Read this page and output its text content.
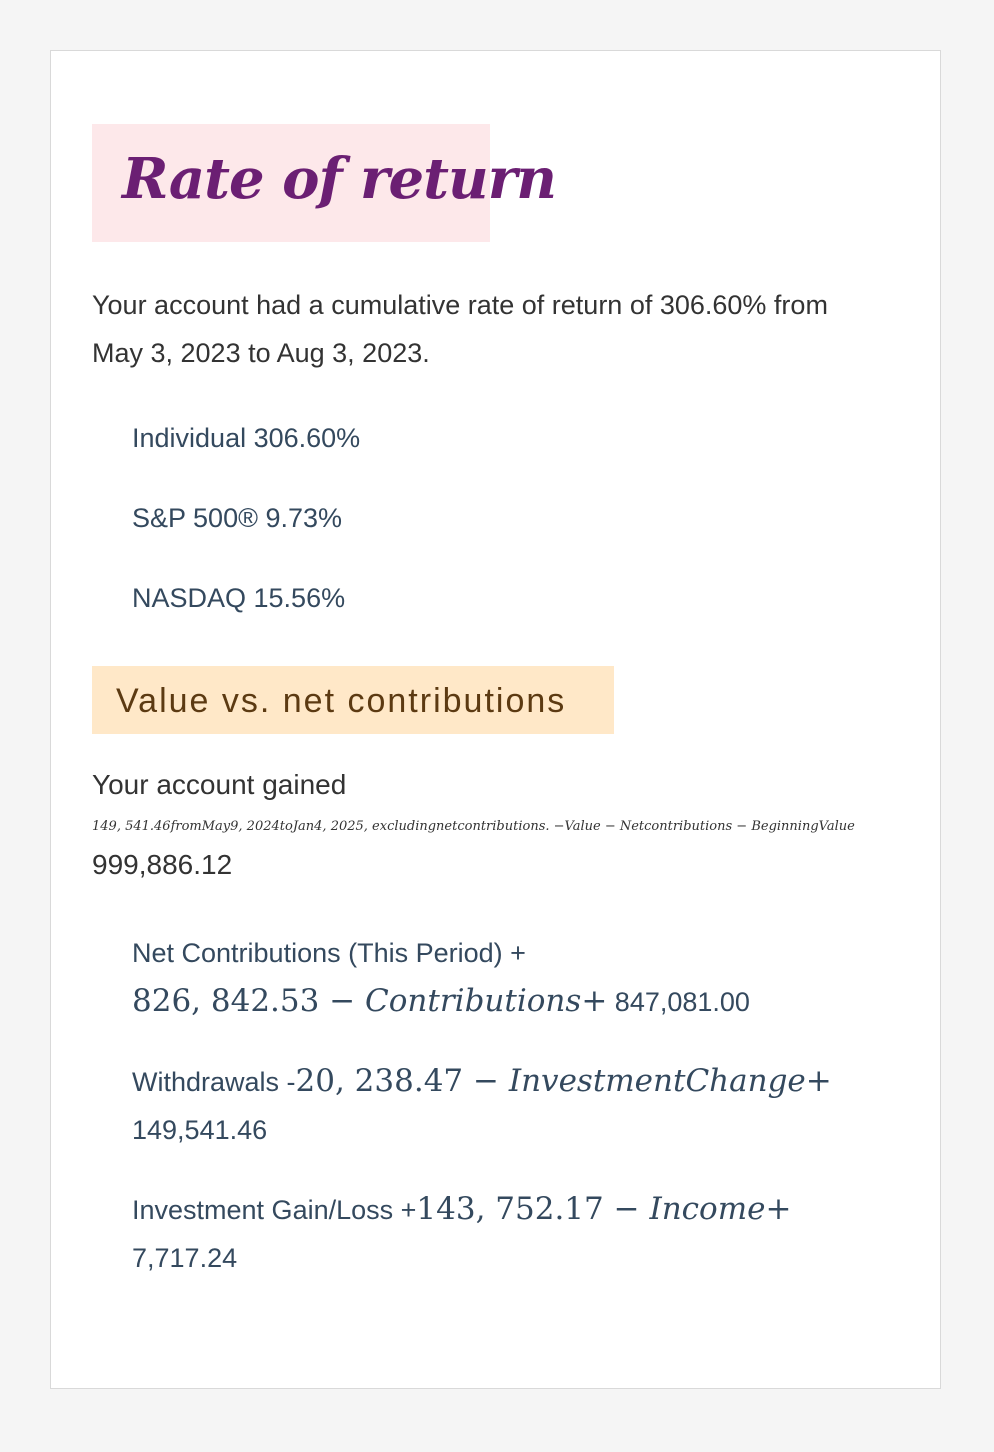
Rate of return
Your account had a cumulative rate of return of 306.60% from May 3, 2023 to Aug 3, 2023.
Individual 306.60%
S&P 500® 9.73%
NASDAQ 15.56%
Value vs. net contributions
Your account gained
149, 541.46fromMay9, 2024toJan4, 2025, excludingnetcontributions. −Value − Netcontributions − BeginningValue
999,886.12
Net Contributions (This Period) +
826, 842.53 − Contributions+ 847,081.00
Withdrawals -20, 238.47 − InvestmentChange+
149,541.46
Investment Gain/Loss +143, 752.17 − Income+
7,717.24
